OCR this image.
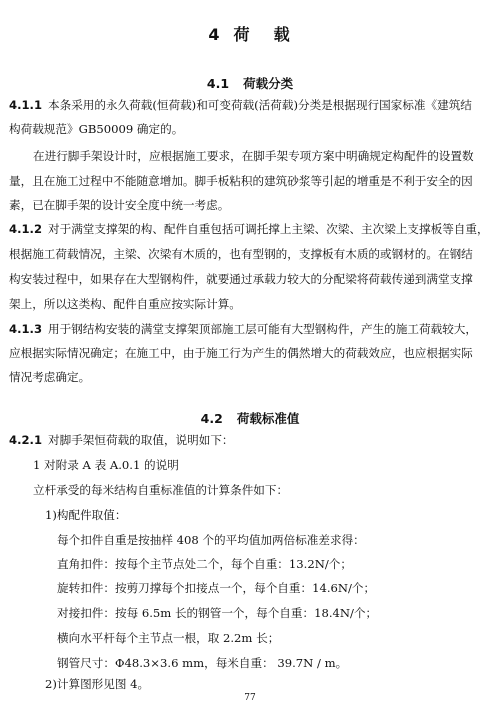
4 荷 载
4.1 荷载分类
4.1.1 本条采用的永久荷载(恒荷载)和可变荷载(活荷载)分类是根据现行国家标准《建筑结
构荷载规范》GB50009 确定的。
在进行脚手架设计时，应根据施工要求，在脚手架专项方案中明确规定构配件的设置数
量，且在施工过程中不能随意增加。脚手板粘积的建筑砂浆等引起的增重是不利于安全的因
素，已在脚手架的设计安全度中统一考虑。
4.1.2 对于满堂支撑架的构、配件自重包括可调托撑上主梁、次梁、主次梁上支撑板等自重，
根据施工荷载情况，主梁、次梁有木质的，也有型钢的，支撑板有木质的或钢材的。在钢结
构安装过程中，如果存在大型钢构件，就要通过承载力较大的分配梁将荷载传递到满堂支撑
架上，所以这类构、配件自重应按实际计算。
4.1.3 用于钢结构安装的满堂支撑架顶部施工层可能有大型钢构件，产生的施工荷载较大，
应根据实际情况确定；在施工中，由于施工行为产生的偶然增大的荷载效应，也应根据实际
情况考虑确定。
4.2 荷载标准值
4.2.1 对脚手架恒荷载的取值，说明如下：
1 对附录 A 表 A.0.1 的说明
立杆承受的每米结构自重标准值的计算条件如下：
1)构配件取值：
每个扣件自重是按抽样 408 个的平均值加两倍标准差求得：
直角扣件：按每个主节点处二个，每个自重：13.2N/个；
旋转扣件：按剪刀撑每个扣接点一个，每个自重：14.6N/个；
对接扣件：按每 6.5m 长的钢管一个，每个自重：18.4N/个；
横向水平杆每个主节点一根，取 2.2m 长；
钢管尺寸：Φ48.3×3.6 mm，每米自重： 39.7N / m。
2)计算图形见图 4。
77
